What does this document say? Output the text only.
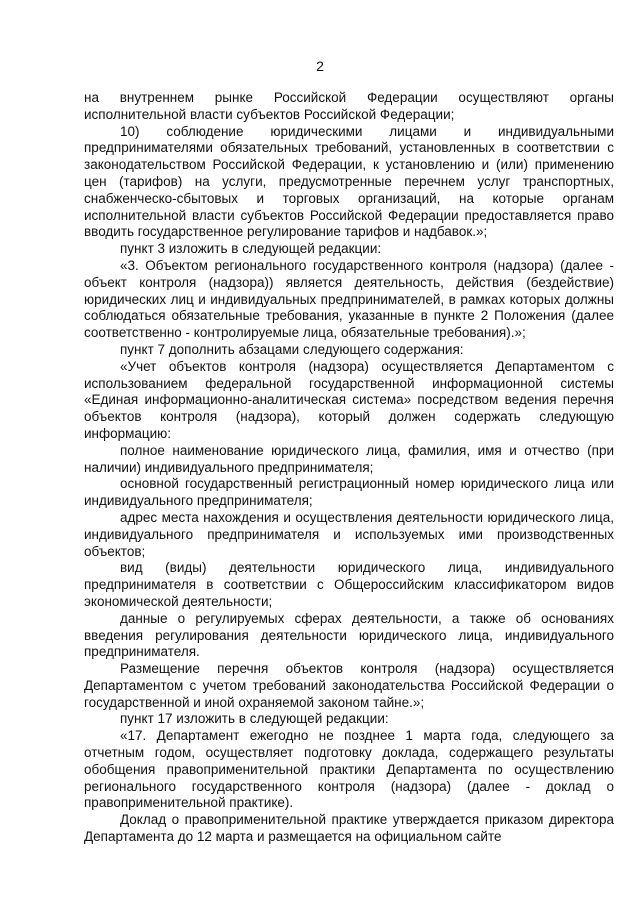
2

на внутреннем рынке Российской Федерации осуществляют органы исполнительной власти субъектов Российской Федерации;

10) соблюдение юридическими лицами и индивидуальными предпринимателями обязательных требований, установленных в соответствии с законодательством Российской Федерации, к установлению и (или) применению цен (тарифов) на услуги, предусмотренные перечнем услуг транспортных, снабженческо-сбытовых и торговых организаций, на которые органам исполнительной власти субъектов Российской Федерации предоставляется право вводить государственное регулирование тарифов и надбавок.»;

пункт 3 изложить в следующей редакции:

«3. Объектом регионального государственного контроля (надзора) (далее - объект контроля (надзора)) является деятельность, действия (бездействие) юридических лиц и индивидуальных предпринимателей, в рамках которых должны соблюдаться обязательные требования, указанные в пункте 2 Положения (далее соответственно - контролируемые лица, обязательные требования).»;

пункт 7 дополнить абзацами следующего содержания:

«Учет объектов контроля (надзора) осуществляется Департаментом с использованием федеральной государственной информационной системы «Единая информационно-аналитическая система» посредством ведения перечня объектов контроля (надзора), который должен содержать следующую информацию:

полное наименование юридического лица, фамилия, имя и отчество (при наличии) индивидуального предпринимателя;

основной государственный регистрационный номер юридического лица или индивидуального предпринимателя;

адрес места нахождения и осуществления деятельности юридического лица, индивидуального предпринимателя и используемых ими производственных объектов;

вид (виды) деятельности юридического лица, индивидуального предпринимателя в соответствии с Общероссийским классификатором видов экономической деятельности;

данные о регулируемых сферах деятельности, а также об основаниях введения регулирования деятельности юридического лица, индивидуального предпринимателя.

Размещение перечня объектов контроля (надзора) осуществляется Департаментом с учетом требований законодательства Российской Федерации о государственной и иной охраняемой законом тайне.»;

пункт 17 изложить в следующей редакции:

«17. Департамент ежегодно не позднее 1 марта года, следующего за отчетным годом, осуществляет подготовку доклада, содержащего результаты обобщения правоприменительной практики Департамента по осуществлению регионального государственного контроля (надзора) (далее - доклад о правоприменительной практике).

Доклад о правоприменительной практике утверждается приказом директора Департамента до 12 марта и размещается на официальном сайте
